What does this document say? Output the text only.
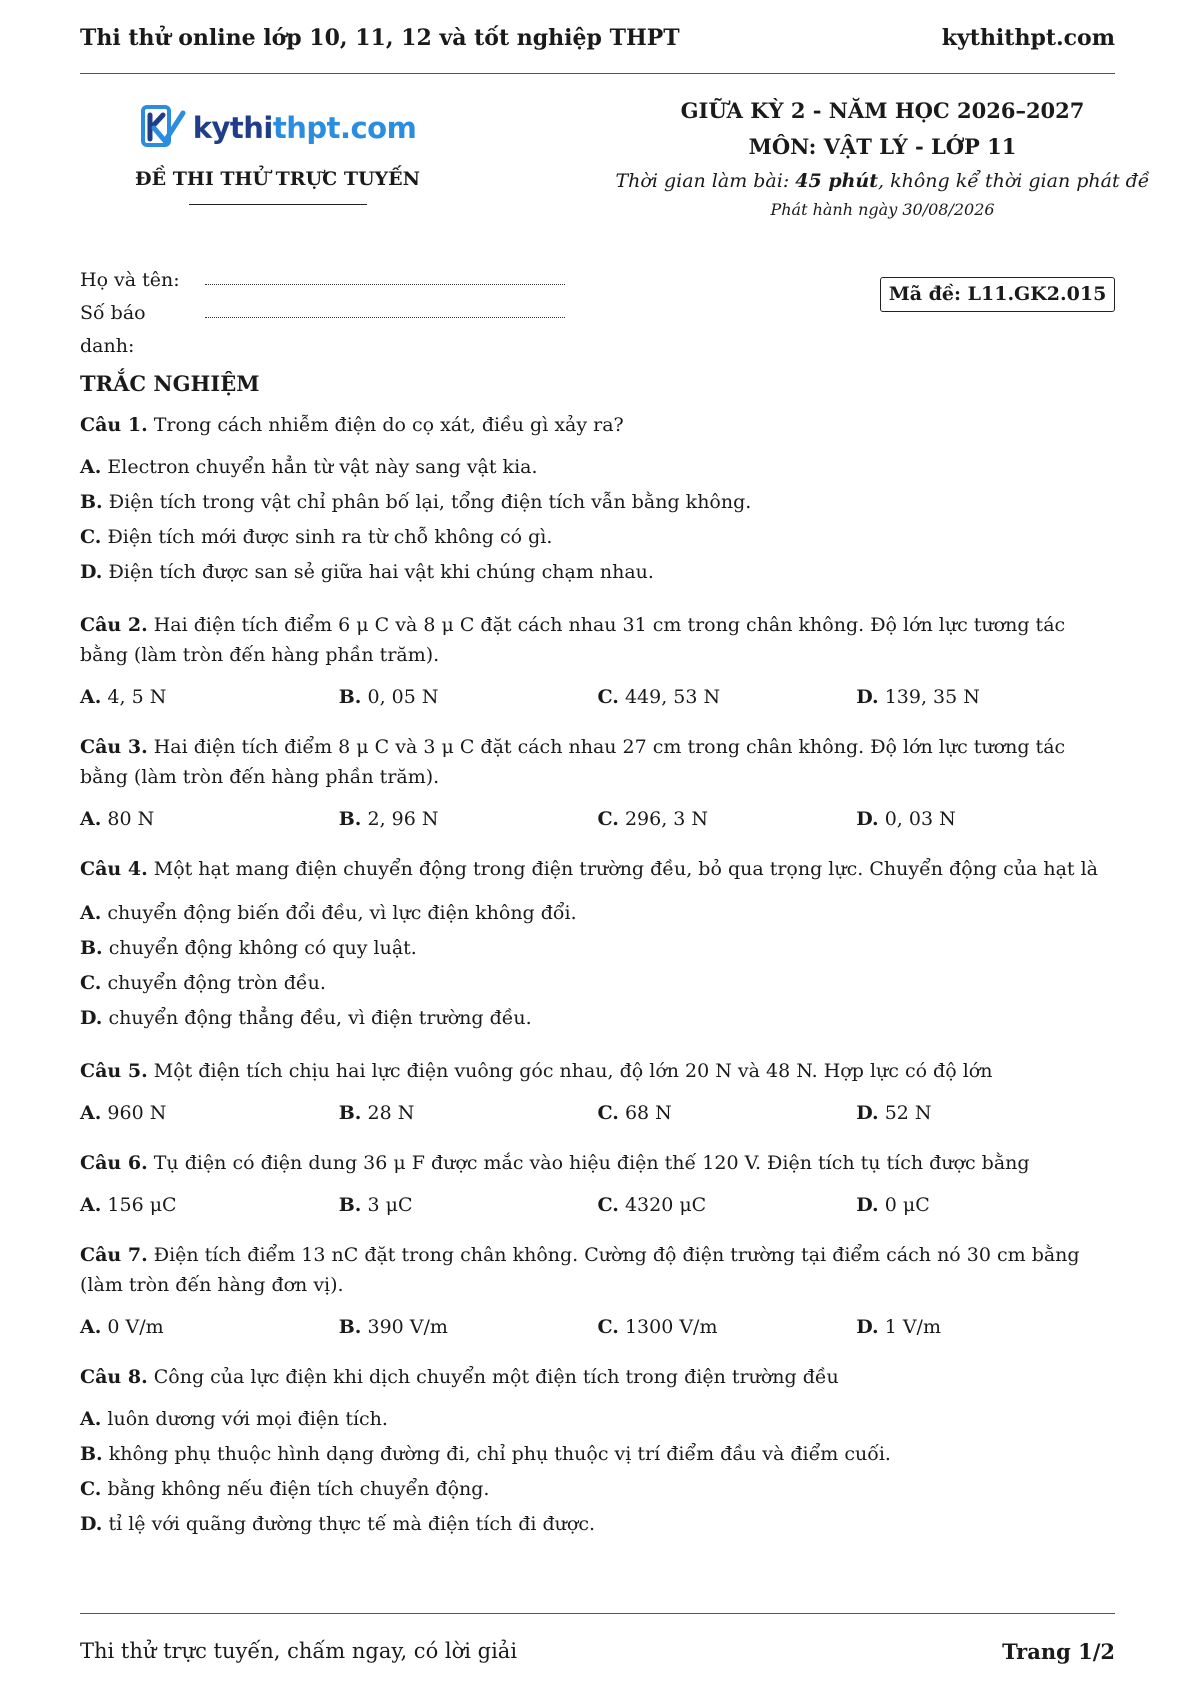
Thi thử online lớp 10, 11, 12 và tốt nghiệp THPT	kythithpt.com
kythithpt.com
ĐỀ THI THỬ TRỰC TUYẾN
GIỮA KỲ 2 - NĂM HỌC 2026–2027
MÔN: VẬT LÝ - LỚP 11
Thời gian làm bài: 45 phút, không kể thời gian phát đề
Phát hành ngày 30/08/2026
Họ và tên:
Số báo danh:
Mã đề: L11.GK2.015
TRẮC NGHIỆM
Câu 1. Trong cách nhiễm điện do cọ xát, điều gì xảy ra?
A. Electron chuyển hẳn từ vật này sang vật kia.
B. Điện tích trong vật chỉ phân bố lại, tổng điện tích vẫn bằng không.
C. Điện tích mới được sinh ra từ chỗ không có gì.
D. Điện tích được san sẻ giữa hai vật khi chúng chạm nhau.
Câu 2. Hai điện tích điểm 6 μ C và 8 μ C đặt cách nhau 31 cm trong chân không. Độ lớn lực tương tác bằng (làm tròn đến hàng phần trăm).
A. 4, 5 N	B. 0, 05 N	C. 449, 53 N	D. 139, 35 N
Câu 3. Hai điện tích điểm 8 μ C và 3 μ C đặt cách nhau 27 cm trong chân không. Độ lớn lực tương tác bằng (làm tròn đến hàng phần trăm).
A. 80 N	B. 2, 96 N	C. 296, 3 N	D. 0, 03 N
Câu 4. Một hạt mang điện chuyển động trong điện trường đều, bỏ qua trọng lực. Chuyển động của hạt là
A. chuyển động biến đổi đều, vì lực điện không đổi.
B. chuyển động không có quy luật.
C. chuyển động tròn đều.
D. chuyển động thẳng đều, vì điện trường đều.
Câu 5. Một điện tích chịu hai lực điện vuông góc nhau, độ lớn 20 N và 48 N. Hợp lực có độ lớn
A. 960 N	B. 28 N	C. 68 N	D. 52 N
Câu 6. Tụ điện có điện dung 36 μ F được mắc vào hiệu điện thế 120 V. Điện tích tụ tích được bằng
A. 156 μC	B. 3 μC	C. 4320 μC	D. 0 μC
Câu 7. Điện tích điểm 13 nC đặt trong chân không. Cường độ điện trường tại điểm cách nó 30 cm bằng (làm tròn đến hàng đơn vị).
A. 0 V/m	B. 390 V/m	C. 1300 V/m	D. 1 V/m
Câu 8. Công của lực điện khi dịch chuyển một điện tích trong điện trường đều
A. luôn dương với mọi điện tích.
B. không phụ thuộc hình dạng đường đi, chỉ phụ thuộc vị trí điểm đầu và điểm cuối.
C. bằng không nếu điện tích chuyển động.
D. tỉ lệ với quãng đường thực tế mà điện tích đi được.
Thi thử trực tuyến, chấm ngay, có lời giải	Trang 1/2
